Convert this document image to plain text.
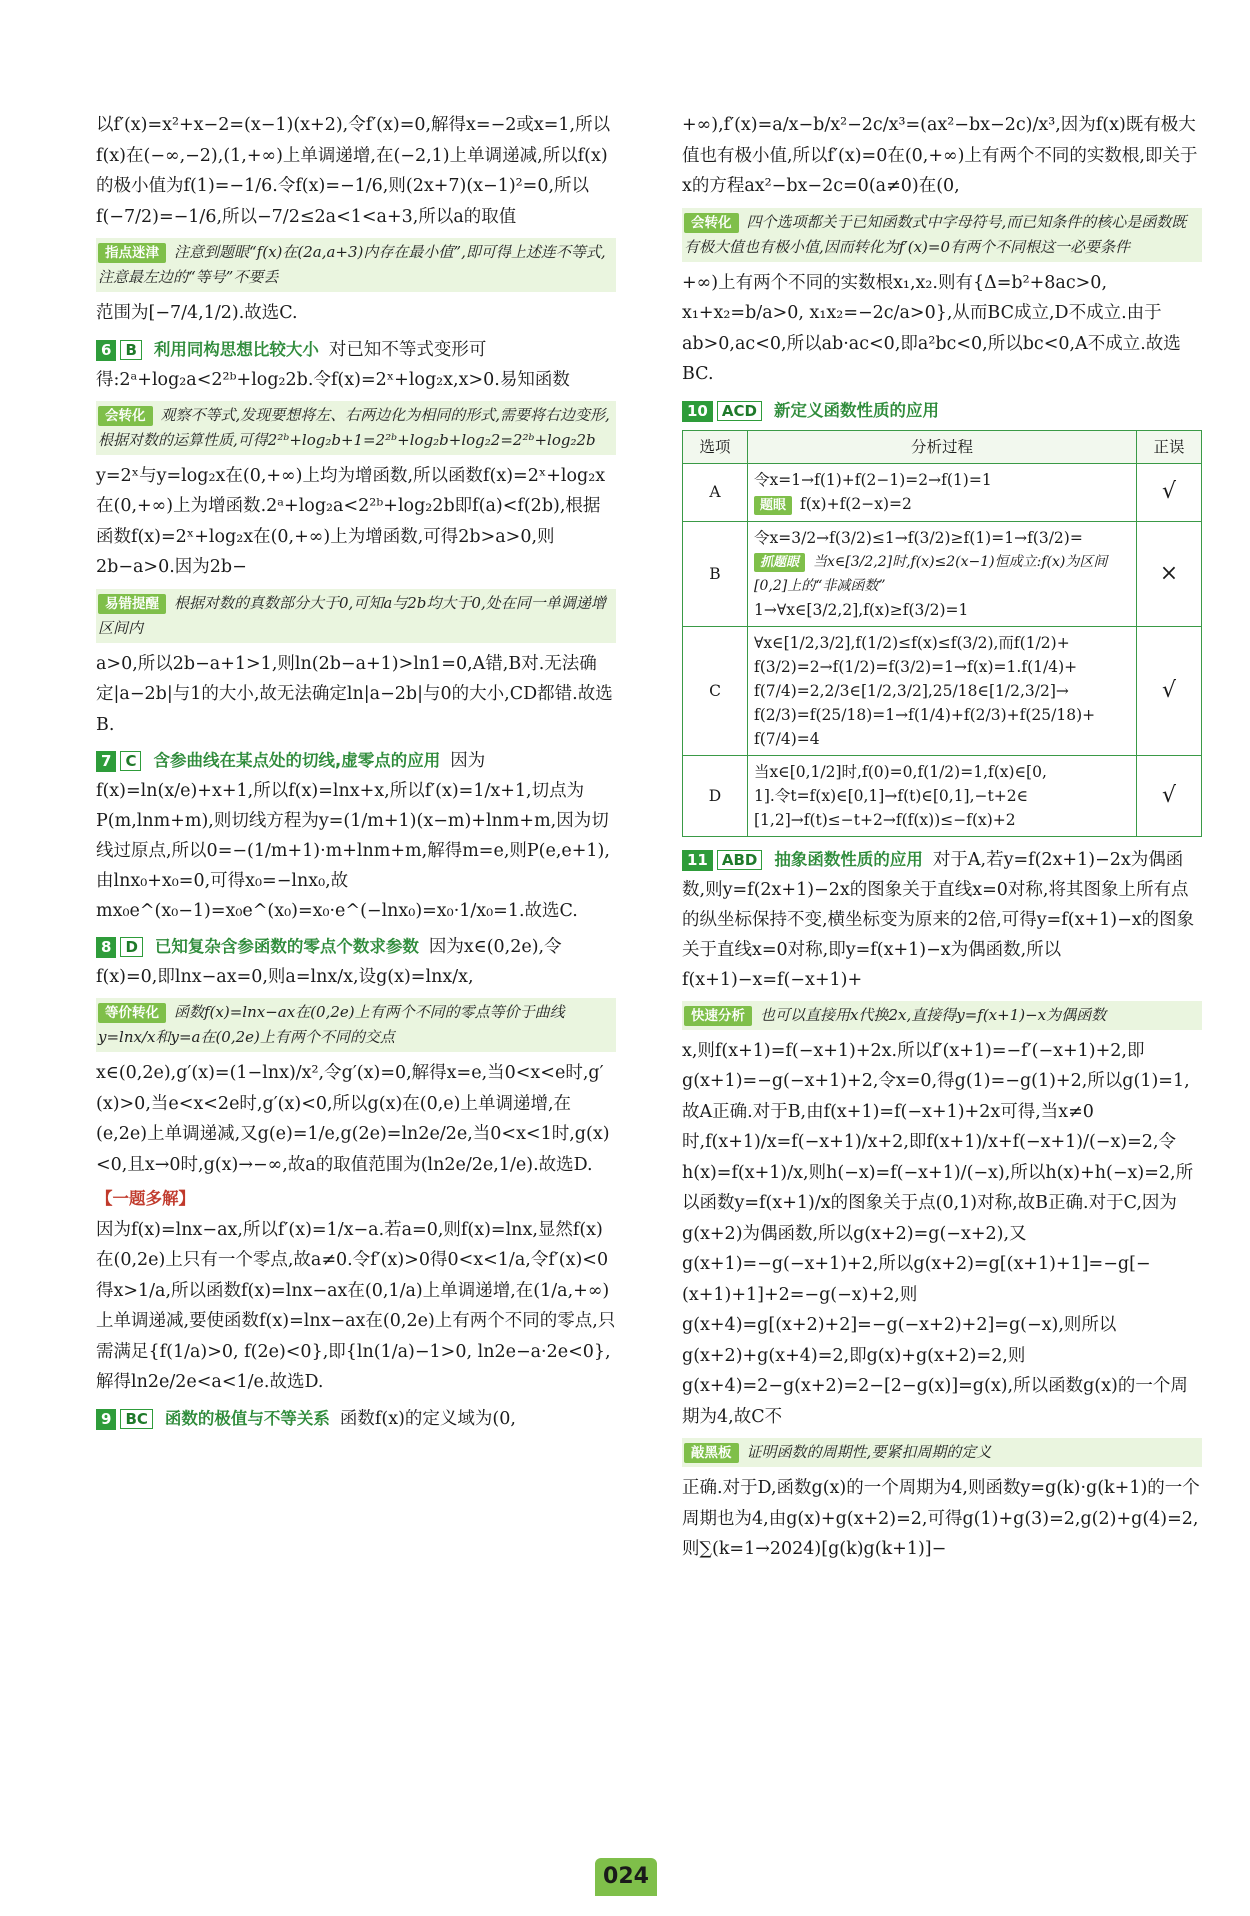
以f′(x)=x²+x−2=(x−1)(x+2),令f′(x)=0,解得x=−2或x=1,所以f(x)在(−∞,−2),(1,+∞)上单调递增,在(−2,1)上单调递减,所以f(x)的极小值为f(1)=−1/6.令f(x)=−1/6,则(2x+7)(x−1)²=0,所以f(−7/2)=−1/6,所以−7/2≤2a<1<a+3,所以a的取值

指点迷津 注意到题眼“f(x)在(2a,a+3)内存在最小值”,即可得上述连不等式,注意最左边的“等号”不要丢

范围为[−7/4,1/2).故选C.

6 B 利用同构思想比较大小 对已知不等式变形可得:2ᵃ+log₂a<2²ᵇ+log₂2b.令f(x)=2ˣ+log₂x,x>0.易知函数
会转化 观察不等式,发现要想将左、右两边化为相同的形式,需要将右边变形,根据对数的运算性质,可得2²ᵇ+log₂b+1=2²ᵇ+log₂b+log₂2=2²ᵇ+log₂2b

y=2ˣ与y=log₂x在(0,+∞)上均为增函数,所以函数f(x)=2ˣ+log₂x在(0,+∞)上为增函数.2ᵃ+log₂a<2²ᵇ+log₂2b即f(a)<f(2b),根据函数f(x)=2ˣ+log₂x在(0,+∞)上为增函数,可得2b>a>0,则2b−a>0.因为2b−

易错提醒 根据对数的真数部分大于0,可知a与2b均大于0,处在同一单调递增区间内

a>0,所以2b−a+1>1,则ln(2b−a+1)>ln1=0,A错,B对.无法确定|a−2b|与1的大小,故无法确定ln|a−2b|与0的大小,CD都错.故选B.

7 C 含参曲线在某点处的切线,虚零点的应用 因为f(x)=ln(x/e)+x+1,所以f(x)=lnx+x,所以f′(x)=1/x+1,切点为P(m,lnm+m),则切线方程为y=(1/m+1)(x−m)+lnm+m,因为切线过原点,所以0=−(1/m+1)·m+lnm+m,解得m=e,则P(e,e+1),由lnx₀+x₀=0,可得x₀=−lnx₀,故mx₀e^(x₀−1)=x₀e^(x₀)=x₀·e^(−lnx₀)=x₀·1/x₀=1.故选C.
8 D 已知复杂含参函数的零点个数求参数 因为x∈(0,2e),令f(x)=0,即lnx−ax=0,则a=lnx/x,设g(x)=lnx/x,
等价转化 函数f(x)=lnx−ax在(0,2e)上有两个不同的零点等价于曲线y=lnx/x和y=a在(0,2e)上有两个不同的交点

x∈(0,2e),g′(x)=(1−lnx)/x²,令g′(x)=0,解得x=e,当0<x<e时,g′(x)>0,当e<x<2e时,g′(x)<0,所以g(x)在(0,e)上单调递增,在(e,2e)上单调递减,又g(e)=1/e,g(2e)=ln2e/2e,当0<x<1时,g(x)<0,且x→0时,g(x)→−∞,故a的取值范围为(ln2e/2e,1/e).故选D.

【一题多解】

因为f(x)=lnx−ax,所以f′(x)=1/x−a.若a=0,则f(x)=lnx,显然f(x)在(0,2e)上只有一个零点,故a≠0.令f′(x)>0得0<x<1/a,令f′(x)<0得x>1/a,所以函数f(x)=lnx−ax在(0,1/a)上单调递增,在(1/a,+∞)上单调递减,要使函数f(x)=lnx−ax在(0,2e)上有两个不同的零点,只需满足{f(1/a)>0, f(2e)<0},即{ln(1/a)−1>0, ln2e−a·2e<0},解得ln2e/2e<a<1/e.故选D.

9 BC 函数的极值与不等关系 函数f(x)的定义域为(0,

+∞),f′(x)=a/x−b/x²−2c/x³=(ax²−bx−2c)/x³,因为f(x)既有极大值也有极小值,所以f′(x)=0在(0,+∞)上有两个不同的实数根,即关于x的方程ax²−bx−2c=0(a≠0)在(0,

会转化 四个选项都关于已知函数式中字母符号,而已知条件的核心是函数既有极大值也有极小值,因而转化为f′(x)=0有两个不同根这一必要条件

+∞)上有两个不同的实数根x₁,x₂.则有{Δ=b²+8ac>0, x₁+x₂=b/a>0, x₁x₂=−2c/a>0},从而BC成立,D不成立.由于ab>0,ac<0,所以ab·ac<0,即a²bc<0,所以bc<0,A不成立.故选BC.

10 ACD 新定义函数性质的应用
选项	分析过程	正误
A	令x=1→f(1)+f(2−1)=2→f(1)=1
题眼 f(x)+f(2−x)=2	√
B	令x=3/2→f(3/2)≤1→f(3/2)≥f(1)=1→f(3/2)=
抓题眼 当x∈[3/2,2]时,f(x)≤2(x−1)恒成立:f(x)为区间[0,2]上的“非减函数”
1→∀x∈[3/2,2],f(x)≥f(3/2)=1	×
C	∀x∈[1/2,3/2],f(1/2)≤f(x)≤f(3/2),而f(1/2)+
f(3/2)=2→f(1/2)=f(3/2)=1→f(x)=1.f(1/4)+
f(7/4)=2,2/3∈[1/2,3/2],25/18∈[1/2,3/2]→
f(2/3)=f(25/18)=1→f(1/4)+f(2/3)+f(25/18)+
f(7/4)=4	√
D	当x∈[0,1/2]时,f(0)=0,f(1/2)=1,f(x)∈[0,
1].令t=f(x)∈[0,1]→f(t)∈[0,1],−t+2∈
[1,2]→f(t)≤−t+2→f(f(x))≤−f(x)+2	√
11 ABD 抽象函数性质的应用 对于A,若y=f(2x+1)−2x为偶函数,则y=f(2x+1)−2x的图象关于直线x=0对称,将其图象上所有点的纵坐标保持不变,横坐标变为原来的2倍,可得y=f(x+1)−x的图象关于直线x=0对称,即y=f(x+1)−x为偶函数,所以f(x+1)−x=f(−x+1)+
快速分析 也可以直接用x代换2x,直接得y=f(x+1)−x为偶函数

x,则f(x+1)=f(−x+1)+2x.所以f′(x+1)=−f′(−x+1)+2,即g(x+1)=−g(−x+1)+2,令x=0,得g(1)=−g(1)+2,所以g(1)=1,故A正确.对于B,由f(x+1)=f(−x+1)+2x可得,当x≠0时,f(x+1)/x=f(−x+1)/x+2,即f(x+1)/x+f(−x+1)/(−x)=2,令h(x)=f(x+1)/x,则h(−x)=f(−x+1)/(−x),所以h(x)+h(−x)=2,所以函数y=f(x+1)/x的图象关于点(0,1)对称,故B正确.对于C,因为g(x+2)为偶函数,所以g(x+2)=g(−x+2),又g(x+1)=−g(−x+1)+2,所以g(x+2)=g[(x+1)+1]=−g[−(x+1)+1]+2=−g(−x)+2,则g(x+4)=g[(x+2)+2]=−g(−x+2)+2]=g(−x),则所以g(x+2)+g(x+4)=2,即g(x)+g(x+2)=2,则g(x+4)=2−g(x+2)=2−[2−g(x)]=g(x),所以函数g(x)的一个周期为4,故C不

敲黑板 证明函数的周期性,要紧扣周期的定义

正确.对于D,函数g(x)的一个周期为4,则函数y=g(k)·g(k+1)的一个周期也为4,由g(x)+g(x+2)=2,可得g(1)+g(3)=2,g(2)+g(4)=2,则∑(k=1→2024)[g(k)g(k+1)]−

024
